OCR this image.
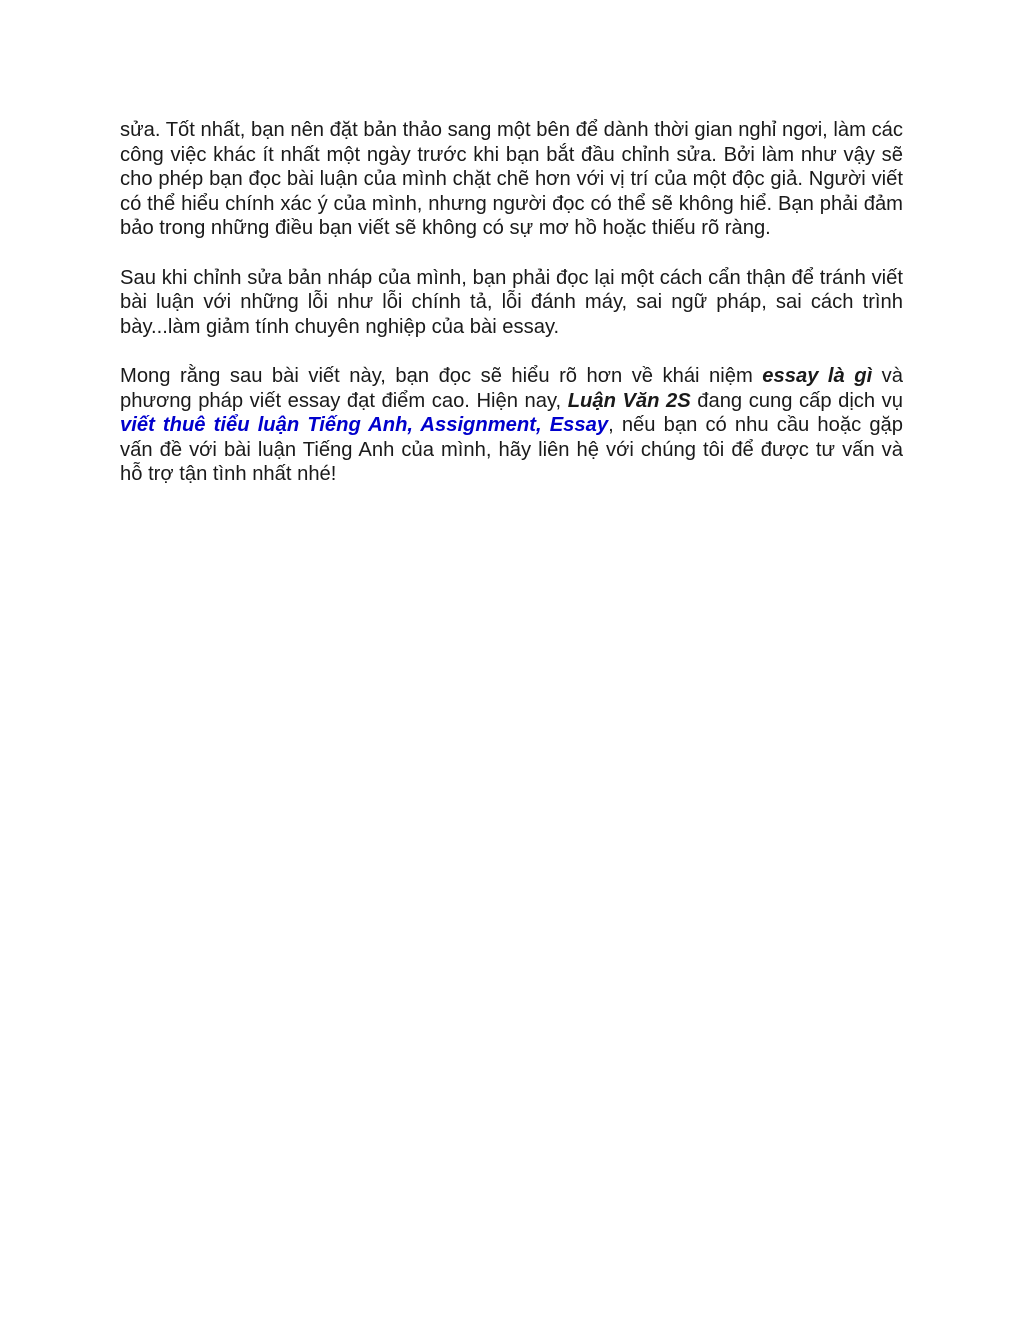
sửa. Tốt nhất, bạn nên đặt bản thảo sang một bên để dành thời gian nghỉ ngơi, làm các công việc khác ít nhất một ngày trước khi bạn bắt đầu chỉnh sửa. Bởi làm như vậy sẽ cho phép bạn đọc bài luận của mình chặt chẽ hơn với vị trí của một độc giả. Người viết có thể hiểu chính xác ý của mình, nhưng người đọc có thể sẽ không hiể. Bạn phải đảm bảo trong những điều bạn viết sẽ không có sự mơ hồ hoặc thiếu rõ ràng.

Sau khi chỉnh sửa bản nháp của mình, bạn phải đọc lại một cách cẩn thận để tránh viết bài luận với những lỗi như lỗi chính tả, lỗi đánh máy, sai ngữ pháp, sai cách trình bày...làm giảm tính chuyên nghiệp của bài essay.

Mong rằng sau bài viết này, bạn đọc sẽ hiểu rõ hơn về khái niệm essay là gì và phương pháp viết essay đạt điểm cao. Hiện nay, Luận Văn 2S đang cung cấp dịch vụ viết thuê tiểu luận Tiếng Anh, Assignment, Essay, nếu bạn có nhu cầu hoặc gặp vấn đề với bài luận Tiếng Anh của mình, hãy liên hệ với chúng tôi để được tư vấn và hỗ trợ tận tình nhất nhé!
